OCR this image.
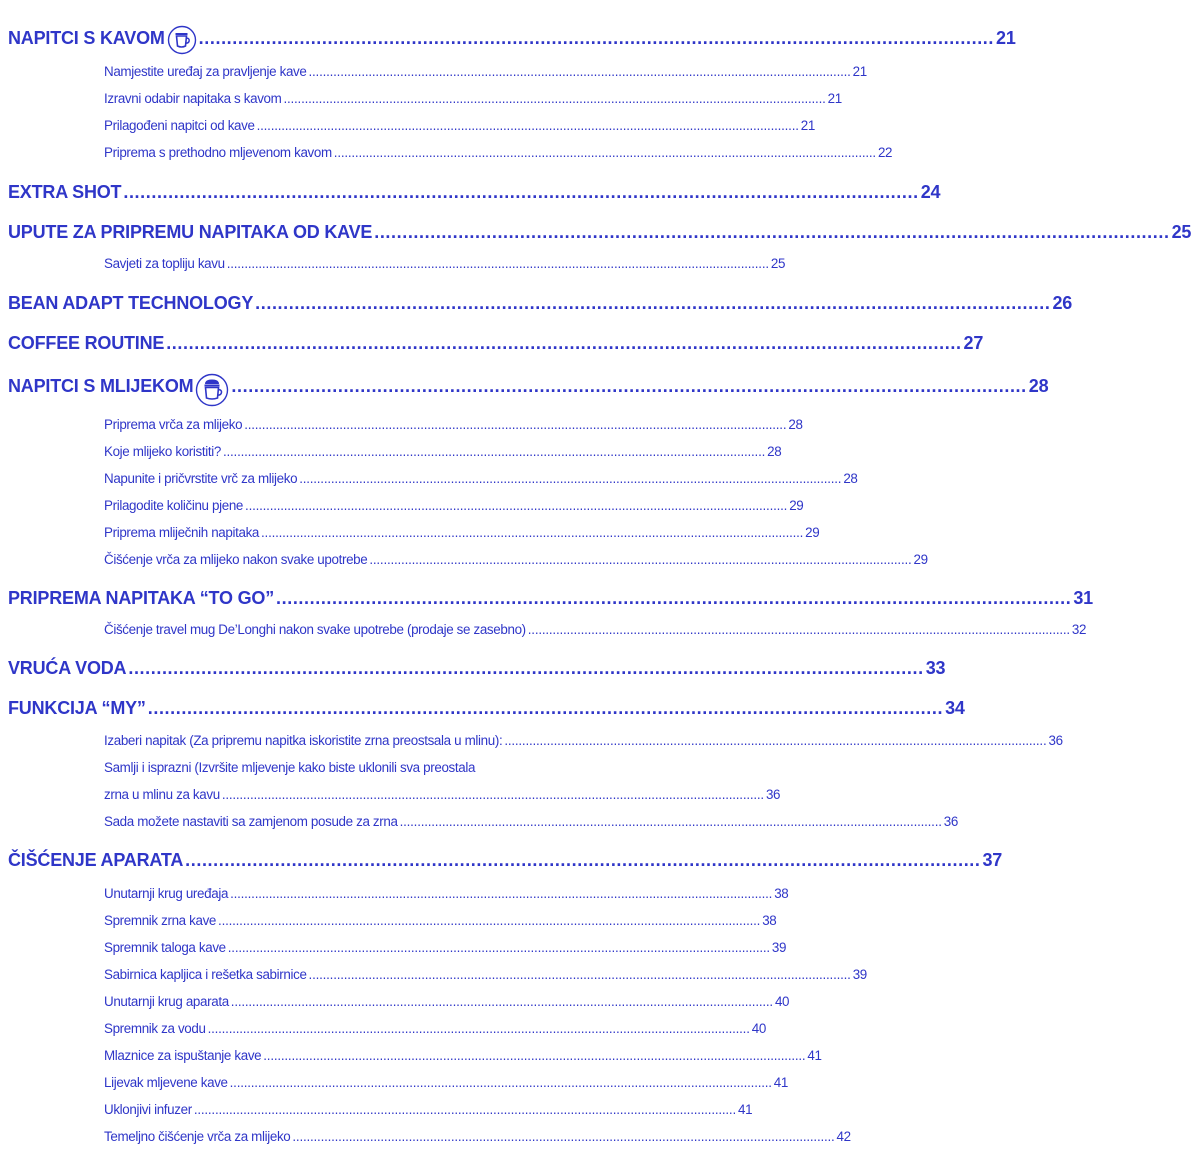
NAPITCI S KAVOM .............................................................................................................................................. 21
Namjestite uređaj za pravljenje kave .......................................................................................................................................................... 21
Izravni odabir napitaka s kavom .......................................................................................................................................................... 21
Prilagođeni napitci od kave .......................................................................................................................................................... 21
Priprema s prethodno mljevenom kavom .......................................................................................................................................................... 22
EXTRA SHOT .............................................................................................................................................. 24
UPUTE ZA PRIPREMU NAPITAKA OD KAVE .............................................................................................................................................. 25
Savjeti za topliju kavu .......................................................................................................................................................... 25
BEAN ADAPT TECHNOLOGY .............................................................................................................................................. 26
COFFEE ROUTINE .............................................................................................................................................. 27
NAPITCI S MLIJEKOM .............................................................................................................................................. 28
Priprema vrča za mlijeko .......................................................................................................................................................... 28
Koje mlijeko koristiti? .......................................................................................................................................................... 28
Napunite i pričvrstite vrč za mlijeko .......................................................................................................................................................... 28
Prilagodite količinu pjene .......................................................................................................................................................... 29
Priprema mliječnih napitaka .......................................................................................................................................................... 29
Čišćenje vrča za mlijeko nakon svake upotrebe .......................................................................................................................................................... 29
PRIPREMA NAPITAKA “TO GO” .............................................................................................................................................. 31
Čišćenje travel mug De’Longhi nakon svake upotrebe (prodaje se zasebno) .......................................................................................................................................................... 32
VRUĆA VODA .............................................................................................................................................. 33
FUNKCIJA “MY” .............................................................................................................................................. 34
Izaberi napitak (Za pripremu napitka iskoristite zrna preostsala u mlinu): .......................................................................................................................................................... 36
Samlji i isprazni (Izvršite mljevenje kako biste uklonili sva preostala
zrna u mlinu za kavu .......................................................................................................................................................... 36
Sada možete nastaviti sa zamjenom posude za zrna .......................................................................................................................................................... 36
ČIŠĆENJE APARATA .............................................................................................................................................. 37
Unutarnji krug uređaja .......................................................................................................................................................... 38
Spremnik zrna kave .......................................................................................................................................................... 38
Spremnik taloga kave .......................................................................................................................................................... 39
Sabirnica kapljica i rešetka sabirnice .......................................................................................................................................................... 39
Unutarnji krug aparata .......................................................................................................................................................... 40
Spremnik za vodu .......................................................................................................................................................... 40
Mlaznice za ispuštanje kave .......................................................................................................................................................... 41
Lijevak mljevene kave .......................................................................................................................................................... 41
Uklonjivi infuzer .......................................................................................................................................................... 41
Temeljno čišćenje vrča za mlijeko .......................................................................................................................................................... 42
